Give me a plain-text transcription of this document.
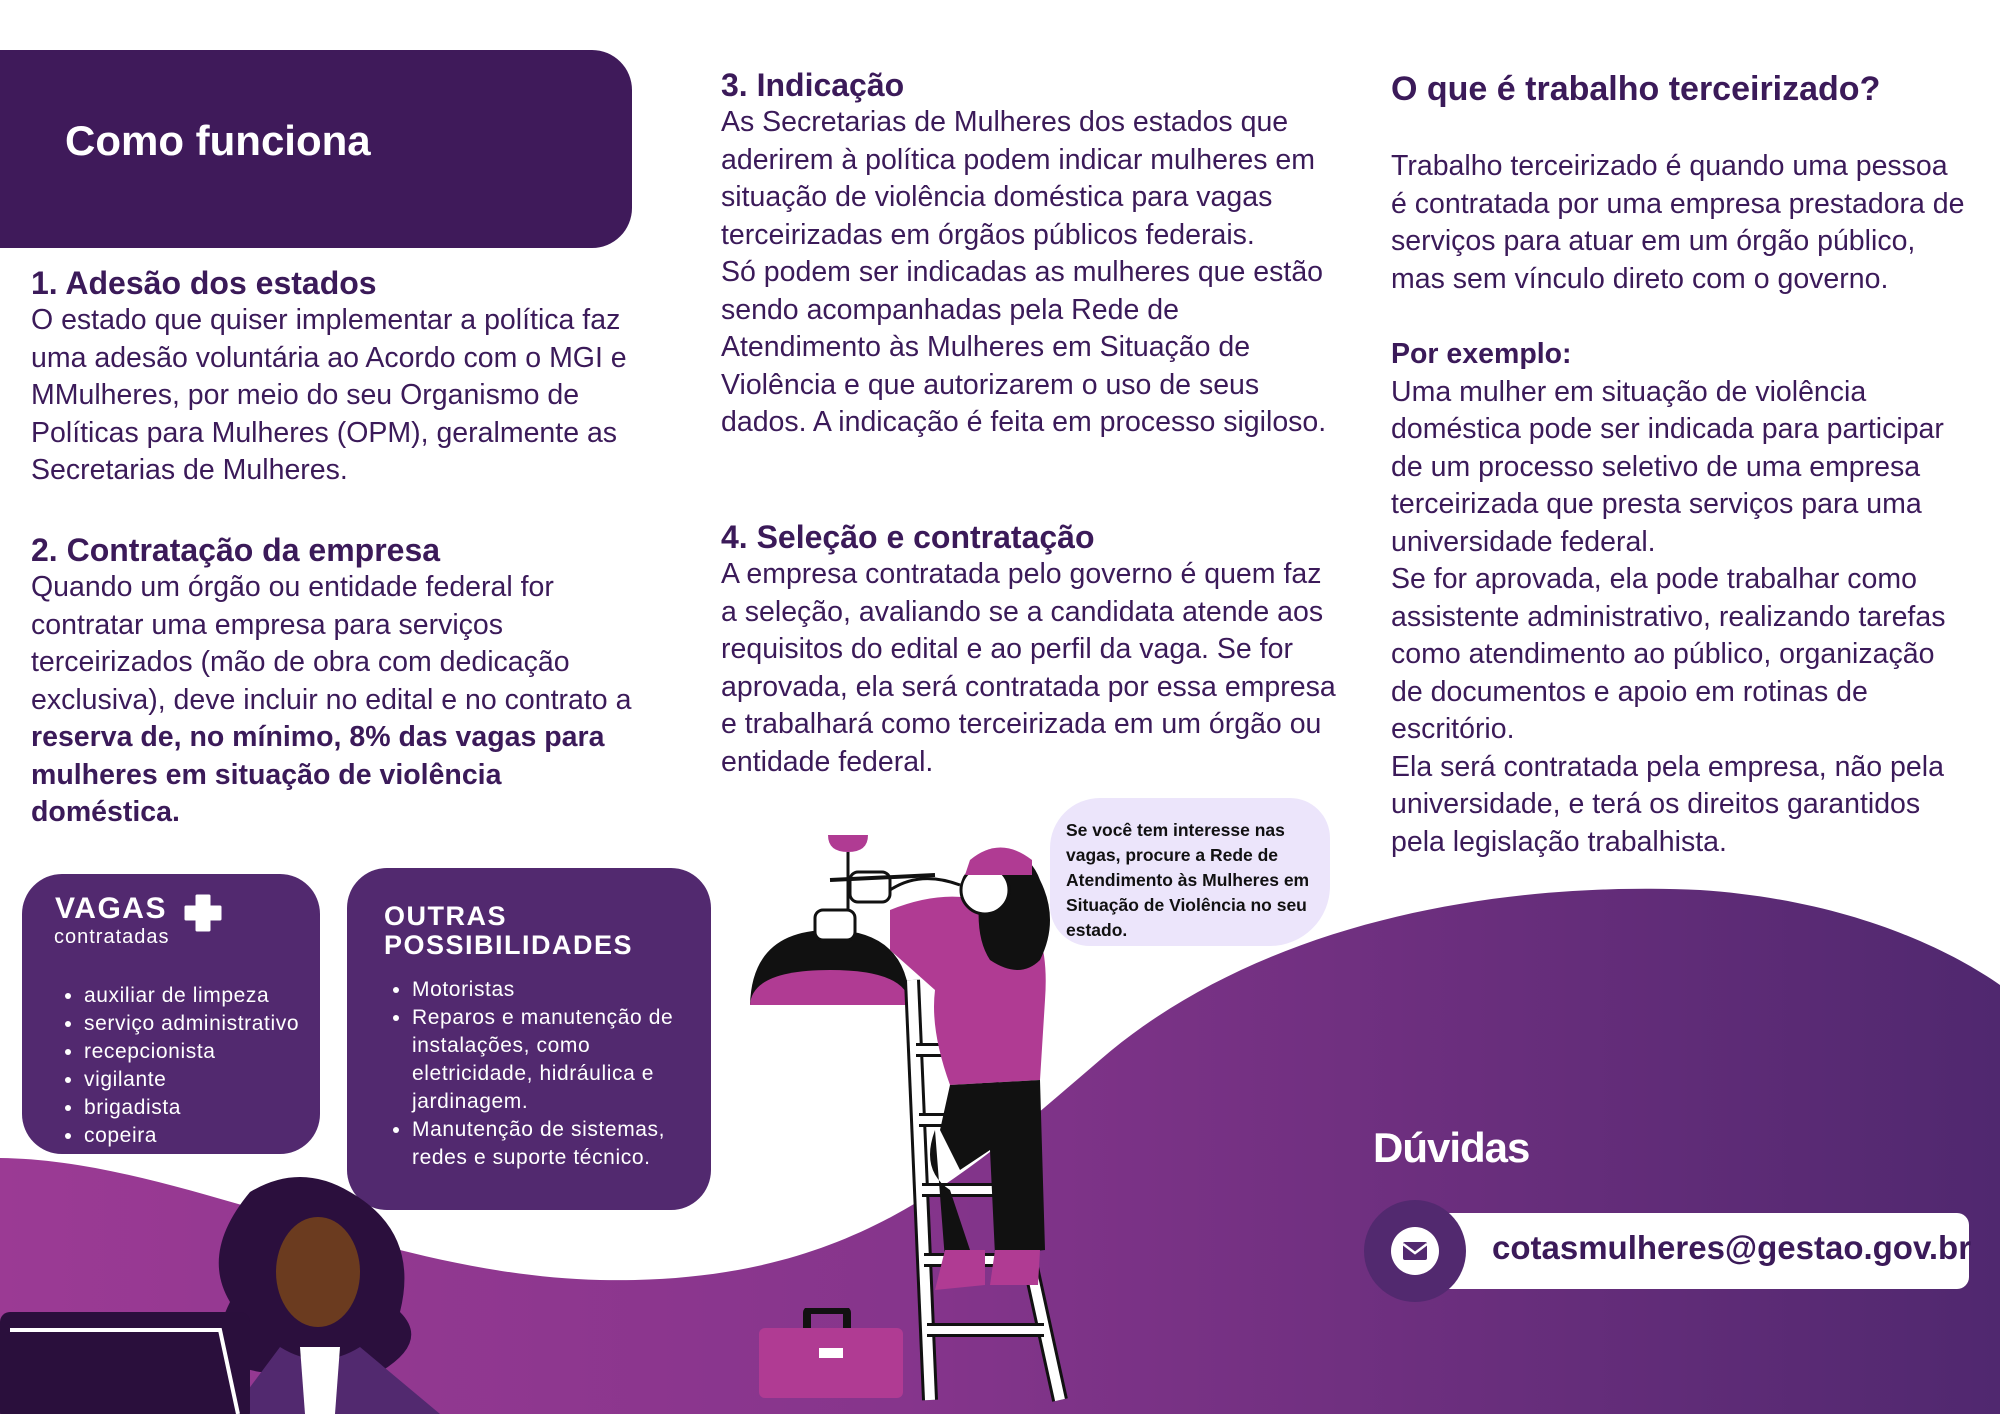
Como funciona
1. Adesão dos estados

O estado que quiser implementar a política faz uma adesão voluntária ao Acordo com o MGI e MMulheres, por meio do seu Organismo de Políticas para Mulheres (OPM), geralmente as Secretarias de Mulheres.

2. Contratação da empresa

Quando um órgão ou entidade federal for contratar uma empresa para serviços terceirizados (mão de obra com dedicação exclusiva), deve incluir no edital e no contrato a reserva de, no mínimo, 8% das vagas para mulheres em situação de violência doméstica.

3. Indicação

As Secretarias de Mulheres dos estados que aderirem à política podem indicar mulheres em situação de violência doméstica para vagas terceirizadas em órgãos públicos federais.

Só podem ser indicadas as mulheres que estão sendo acompanhadas pela Rede de Atendimento às Mulheres em Situação de Violência e que autorizarem o uso de seus dados. A indicação é feita em processo sigiloso.

4. Seleção e contratação

A empresa contratada pelo governo é quem faz a seleção, avaliando se a candidata atende aos requisitos do edital e ao perfil da vaga. Se for aprovada, ela será contratada por essa empresa e trabalhará como terceirizada em um órgão ou entidade federal.

O que é trabalho terceirizado?

Trabalho terceirizado é quando uma pessoa é contratada por uma empresa prestadora de serviços para atuar em um órgão público, mas sem vínculo direto com o governo.

Por exemplo:

Uma mulher em situação de violência doméstica pode ser indicada para participar de um processo seletivo de uma empresa terceirizada que presta serviços para uma universidade federal.

Se for aprovada, ela pode trabalhar como assistente administrativo, realizando tarefas como atendimento ao público, organização de documentos e apoio em rotinas de escritório.

Ela será contratada pela empresa, não pela universidade, e terá os direitos garantidos pela legislação trabalhista.

VAGAS
contratadas
• auxiliar de limpeza
• serviço administrativo
• recepcionista
• vigilante
• brigadista
• copeira
OUTRAS
POSSIBILIDADES
• Motoristas
• Reparos e manutenção de instalações, como eletricidade, hidráulica e jardinagem.
• Manutenção de sistemas, redes e suporte técnico.
Se você tem interesse nas vagas, procure a Rede de Atendimento às Mulheres em Situação de Violência no seu estado.
Dúvidas
cotasmulheres@gestao.gov.br
